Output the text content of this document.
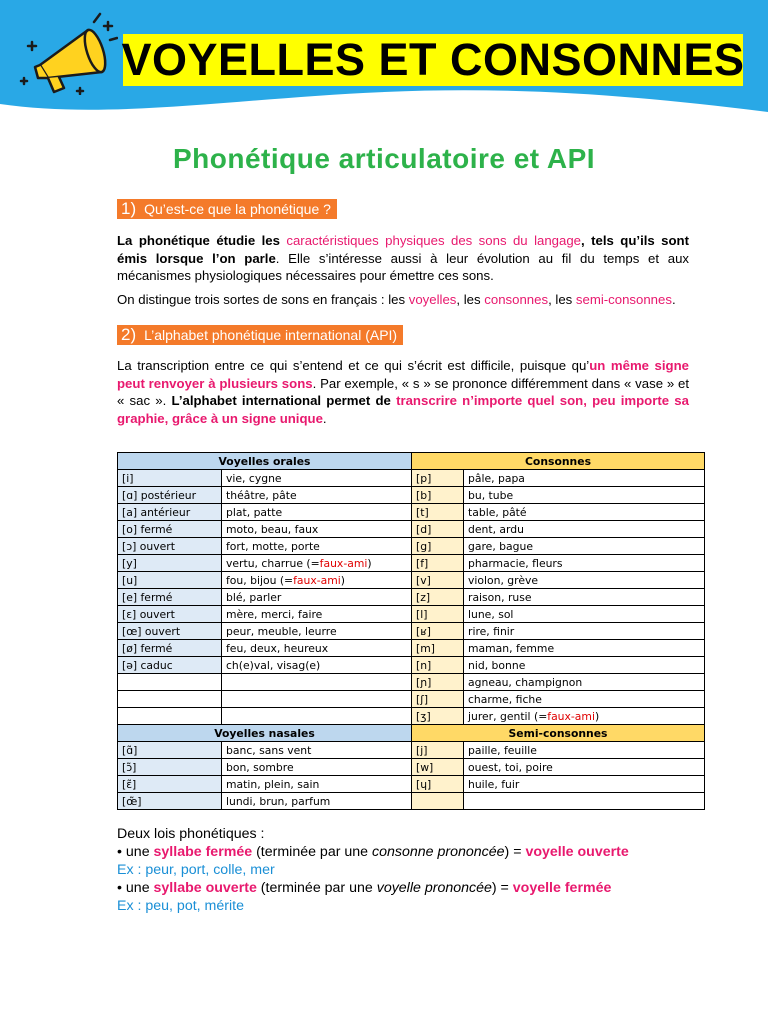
VOYELLES ET CONSONNES
Phonétique articulatoire et API
1) Qu’est-ce que la phonétique ?
La phonétique étudie les caractéristiques physiques des sons du langage, tels qu’ils sont émis lorsque l’on parle. Elle s’intéresse aussi à leur évolution au fil du temps et aux mécanismes physiologiques nécessaires pour émettre ces sons.
On distingue trois sortes de sons en français : les voyelles, les consonnes, les semi-consonnes.
2) L’alphabet phonétique international (API)
La transcription entre ce qui s’entend et ce qui s’écrit est difficile, puisque qu’un même signe peut renvoyer à plusieurs sons. Par exemple, « s » se prononce différemment dans « vase » et « sac ». L’alphabet international permet de transcrire n’importe quel son, peu importe sa graphie, grâce à un signe unique.
Voyelles orales		Consonnes	
[i]	vie, cygne	[p]	pâle, papa
[ɑ] postérieur	théâtre, pâte	[b]	bu, tube
[a] antérieur	plat, patte	[t]	table, pâté
[o] fermé	moto, beau, faux	[d]	dent, ardu
[ɔ] ouvert	fort, motte, porte	[g]	gare, bague
[y]	vertu, charrue (=faux-ami)	[f]	pharmacie, fleurs
[u]	fou, bijou (=faux-ami)	[v]	violon, grève
[e] fermé	blé, parler	[z]	raison, ruse
[ɛ] ouvert	mère, merci, faire	[l]	lune, sol
[œ] ouvert	peur, meuble, leurre	[ʁ]	rire, finir
[ø] fermé	feu, deux, heureux	[m]	maman, femme
[ə] caduc	ch(e)val, visag(e)	[n]	nid, bonne
		[ɲ]	agneau, champignon
		[ʃ]	charme, fiche
		[ʒ]	jurer, gentil (=faux-ami)
Voyelles nasales		Semi-consonnes	
[ɑ̃]	banc, sans vent	[j]	paille, feuille
[ɔ̃]	bon, sombre	[w]	ouest, toi, poire
[ɛ̃]	matin, plein, sain	[ɥ]	huile, fuir
[œ̃]	lundi, brun, parfum		
Deux lois phonétiques :
• une syllabe fermée (terminée par une consonne prononcée) = voyelle ouverte
Ex : peur, port, colle, mer
• une syllabe ouverte (terminée par une voyelle prononcée) = voyelle fermée
Ex : peu, pot, mérite
